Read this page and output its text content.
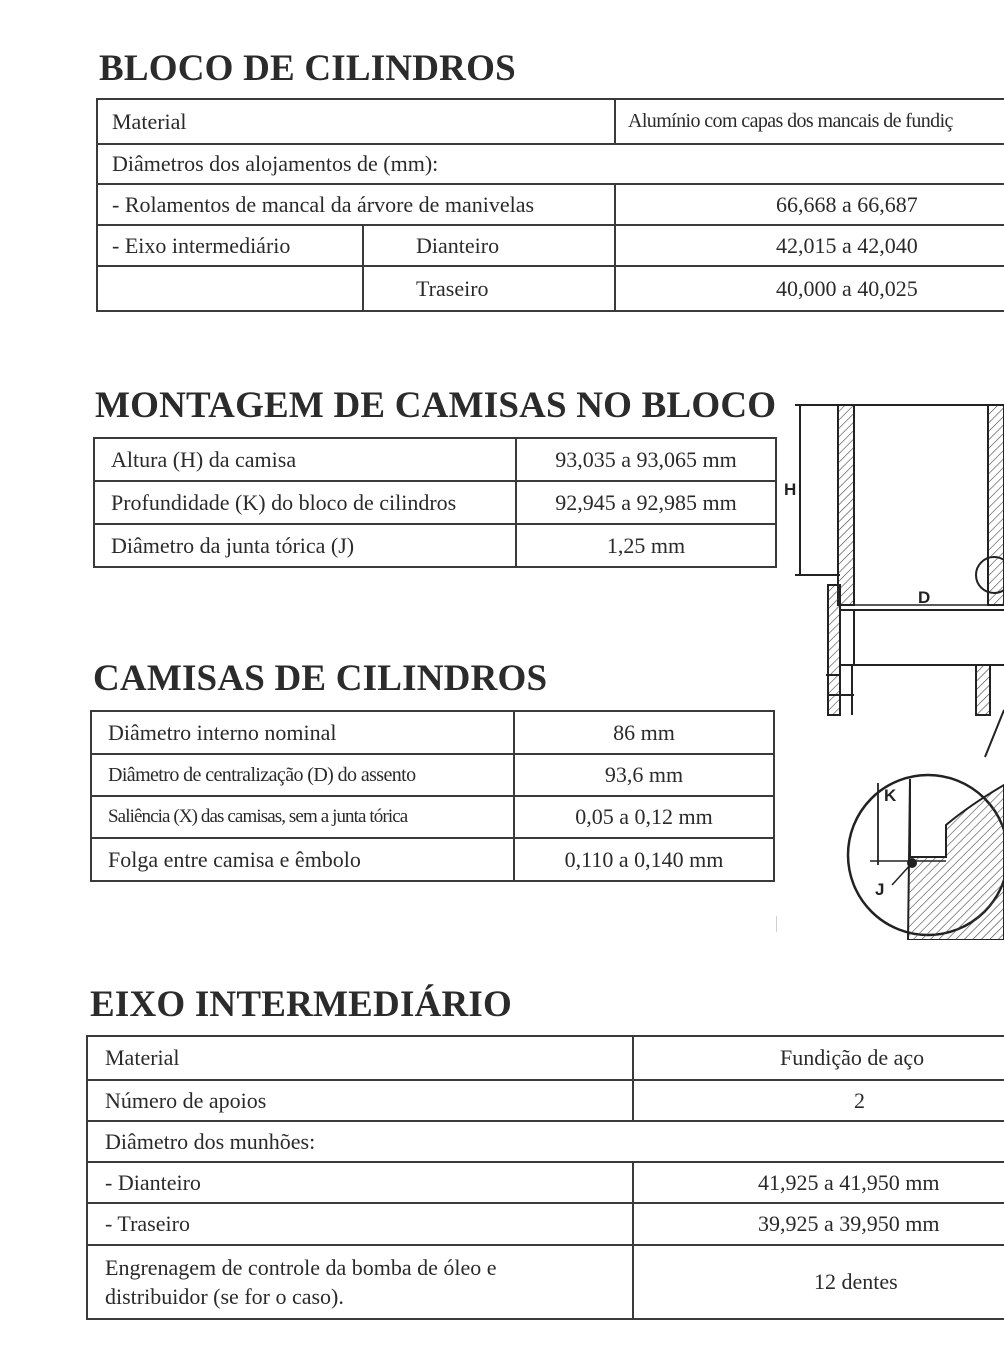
BLOCO DE CILINDROS
Material		Alumínio com capas dos mancais de fundiç
Diâmetros dos alojamentos de (mm):		
- Rolamentos de mancal da árvore de manivelas		66,668 a 66,687
- Eixo intermediário	Dianteiro	42,015 a 42,040
	Traseiro	40,000 a 40,025
MONTAGEM DE CAMISAS NO BLOCO
Altura (H) da camisa	93,035 a 93,065 mm
Profundidade (K) do bloco de cilindros	92,945 a 92,985 mm
Diâmetro da junta tórica (J)	1,25 mm
CAMISAS DE CILINDROS
Diâmetro interno nominal	86 mm
Diâmetro de centralização (D) do assento	93,6 mm
Saliência (X) das camisas, sem a junta tórica	0,05 a 0,12 mm
Folga entre camisa e êmbolo	0,110 a 0,140 mm
EIXO INTERMEDIÁRIO
Material	Fundição de aço
Número de apoios	2
Diâmetro dos munhões:	
- Dianteiro	41,925 a 41,950 mm
- Traseiro	39,925 a 39,950 mm
Engrenagem de controle da bomba de óleo e distribuidor (se for o caso).	12 dentes
H
D
K
J
